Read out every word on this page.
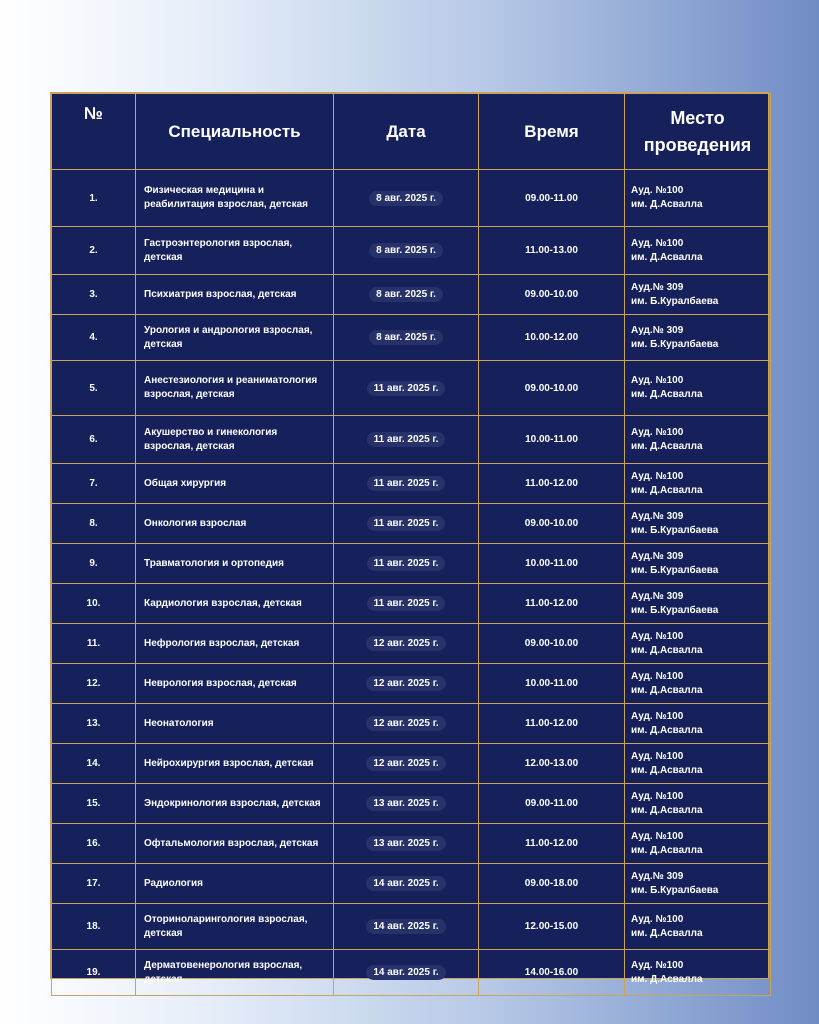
№	Специальность	Дата	Время	Место
проведения

1.	Физическая медицина и реабилитация взрослая, детская	8 авг. 2025 г.	09.00-11.00	Ауд. №100
им. Д.Асвалла

2.	Гастроэнтерология взрослая, детская	8 авг. 2025 г.	11.00-13.00	Ауд. №100
им. Д.Асвалла

3.	Психиатрия взрослая, детская	8 авг. 2025 г.	09.00-10.00	Ауд.№ 309
им. Б.Куралбаева

4.	Урология и андрология взрослая, детская	8 авг. 2025 г.	10.00-12.00	Ауд.№ 309
им. Б.Куралбаева

5.	Анестезиология и реаниматология взрослая, детская	11 авг. 2025 г.	09.00-10.00	Ауд. №100
им. Д.Асвалла

6.	Акушерство и гинекология взрослая, детская	11 авг. 2025 г.	10.00-11.00	Ауд. №100
им. Д.Асвалла

7.	Общая хирургия	11 авг. 2025 г.	11.00-12.00	Ауд. №100
им. Д.Асвалла

8.	Онкология взрослая	11 авг. 2025 г.	09.00-10.00	Ауд.№ 309
им. Б.Куралбаева

9.	Травматология и ортопедия	11 авг. 2025 г.	10.00-11.00	Ауд.№ 309
им. Б.Куралбаева

10.	Кардиология взрослая, детская	11 авг. 2025 г.	11.00-12.00	Ауд.№ 309
им. Б.Куралбаева

11.	Нефрология взрослая, детская	12 авг. 2025 г.	09.00-10.00	Ауд. №100
им. Д.Асвалла

12.	Неврология взрослая, детская	12 авг. 2025 г.	10.00-11.00	Ауд. №100
им. Д.Асвалла

13.	Неонатология	12 авг. 2025 г.	11.00-12.00	Ауд. №100
им. Д.Асвалла

14.	Нейрохирургия взрослая, детская	12 авг. 2025 г.	12.00-13.00	Ауд. №100
им. Д.Асвалла

15.	Эндокринология взрослая, детская	13 авг. 2025 г.	09.00-11.00	Ауд. №100
им. Д.Асвалла

16.	Офтальмология взрослая, детская	13 авг. 2025 г.	11.00-12.00	Ауд. №100
им. Д.Асвалла

17.	Радиология	14 авг. 2025 г.	09.00-18.00	Ауд.№ 309
им. Б.Куралбаева

18.	Оториноларингология взрослая, детская	14 авг. 2025 г.	12.00-15.00	Ауд. №100
им. Д.Асвалла

19.	Дерматовенерология взрослая, детская	14 авг. 2025 г.	14.00-16.00	Ауд. №100
им. Д.Асвалла
